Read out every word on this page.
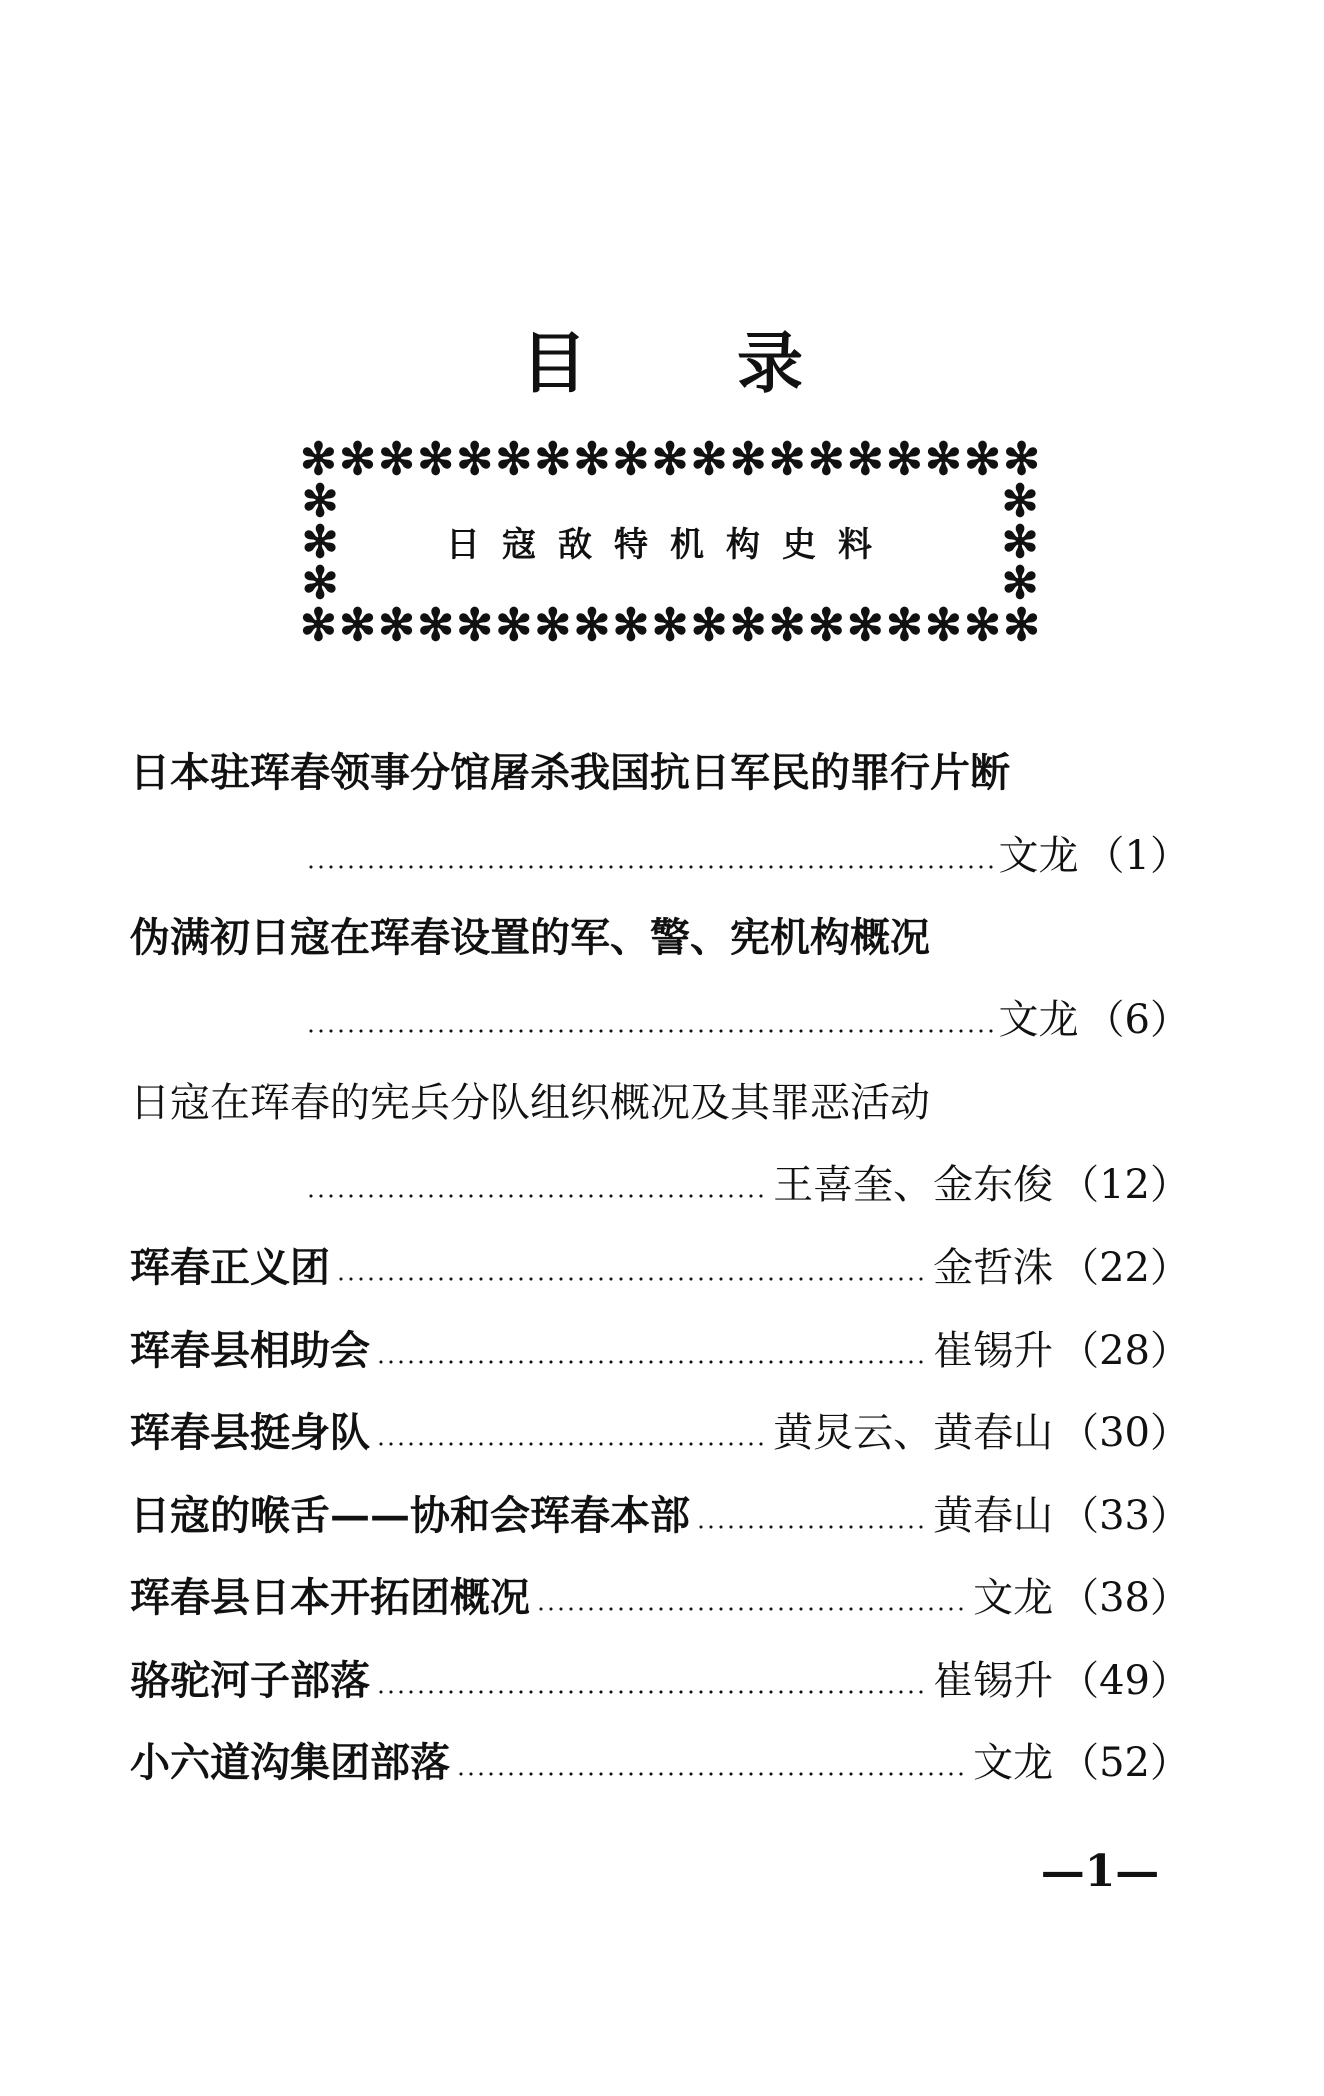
目 录
✻ ✻ ✻ ✻ ✻ ✻ ✻ ✻ ✻ ✻ ✻ ✻ ✻ ✻ ✻ ✻ ✻ ✻ ✻
✻
✻
✻
日寇敌特机构史料
✻
✻
✻
✻ ✻ ✻ ✻ ✻ ✻ ✻ ✻ ✻ ✻ ✻ ✻ ✻ ✻ ✻ ✻ ✻ ✻ ✻
日本驻珲春领事分馆屠杀我国抗日军民的罪行片断
文龙 （1）
伪满初日寇在珲春设置的军、警、宪机构概况
文龙 （6）
日寇在珲春的宪兵分队组织概况及其罪恶活动
王喜奎、金东俊 （12）
珲春正义团	金哲洙 （22）
珲春县相助会	崔锡升 （28）
珲春县挺身队	黄炅云、黄春山 （30）
日寇的喉舌——协和会珲春本部	黄春山 （33）
珲春县日本开拓团概况	文龙 （38）
骆驼河子部落	崔锡升 （49）
小六道沟集团部落	文龙 （52）
—1—
